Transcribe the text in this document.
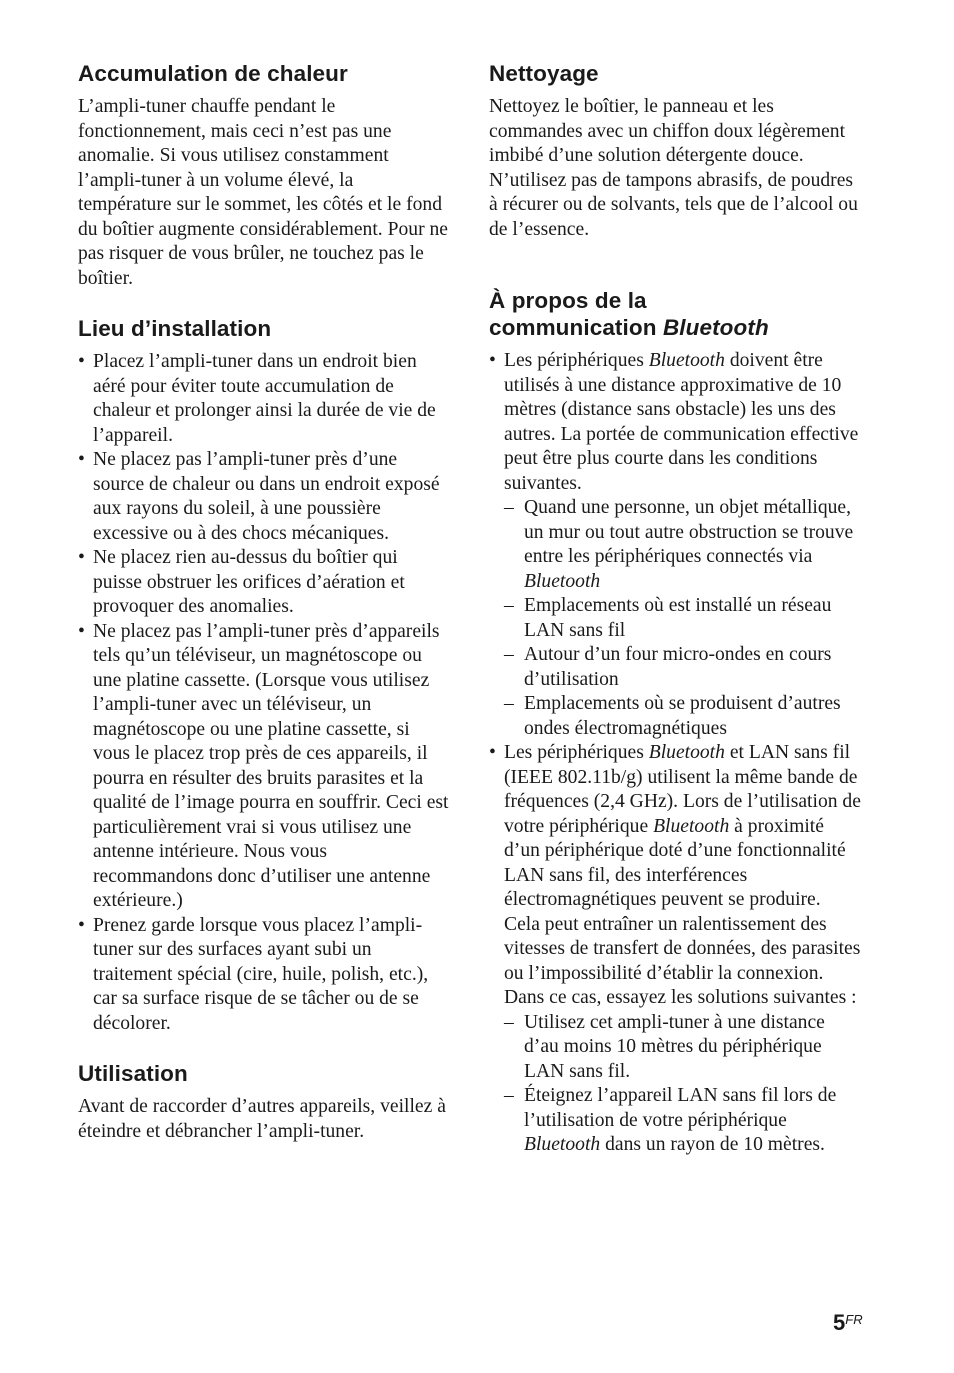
Accumulation de chaleur

L’ampli-tuner chauffe pendant le fonctionnement, mais ceci n’est pas une anomalie. Si vous utilisez constamment l’ampli-tuner à un volume élevé, la température sur le sommet, les côtés et le fond du boîtier augmente considérablement. Pour ne pas risquer de vous brûler, ne touchez pas le boîtier.

Lieu d’installation
• Placez l’ampli-tuner dans un endroit bien aéré pour éviter toute accumulation de chaleur et prolonger ainsi la durée de vie de l’appareil.
• Ne placez pas l’ampli-tuner près d’une source de chaleur ou dans un endroit exposé aux rayons du soleil, à une poussière excessive ou à des chocs mécaniques.
• Ne placez rien au-dessus du boîtier qui puisse obstruer les orifices d’aération et provoquer des anomalies.
• Ne placez pas l’ampli-tuner près d’appareils tels qu’un téléviseur, un magnétoscope ou une platine cassette. (Lorsque vous utilisez l’ampli-tuner avec un téléviseur, un magnétoscope ou une platine cassette, si vous le placez trop près de ces appareils, il pourra en résulter des bruits parasites et la qualité de l’image pourra en souffrir. Ceci est particulièrement vrai si vous utilisez une antenne intérieure. Nous vous recommandons donc d’utiliser une antenne extérieure.)
• Prenez garde lorsque vous placez l’ampli-tuner sur des surfaces ayant subi un traitement spécial (cire, huile, polish, etc.), car sa surface risque de se tâcher ou de se décolorer.
Utilisation

Avant de raccorder d’autres appareils, veillez à éteindre et débrancher l’ampli-tuner.

Nettoyage

Nettoyez le boîtier, le panneau et les commandes avec un chiffon doux légèrement imbibé d’une solution détergente douce. N’utilisez pas de tampons abrasifs, de poudres à récurer ou de solvants, tels que de l’alcool ou de l’essence.

À propos de la
communication Bluetooth
• Les périphériques Bluetooth doivent être utilisés à une distance approximative de 10 mètres (distance sans obstacle) les uns des autres. La portée de communication effective peut être plus courte dans les conditions suivantes.
– Quand une personne, un objet métallique, un mur ou tout autre obstruction se trouve entre les périphériques connectés via Bluetooth
– Emplacements où est installé un réseau LAN sans fil
– Autour d’un four micro-ondes en cours d’utilisation
– Emplacements où se produisent d’autres ondes électromagnétiques
• Les périphériques Bluetooth et LAN sans fil (IEEE 802.11b/g) utilisent la même bande de fréquences (2,4 GHz). Lors de l’utilisation de votre périphérique Bluetooth à proximité d’un périphérique doté d’une fonctionnalité LAN sans fil, des interférences électromagnétiques peuvent se produire. Cela peut entraîner un ralentissement des vitesses de transfert de données, des parasites ou l’impossibilité d’établir la connexion. Dans ce cas, essayez les solutions suivantes :
– Utilisez cet ampli-tuner à une distance d’au moins 10 mètres du périphérique LAN sans fil.
– Éteignez l’appareil LAN sans fil lors de l’utilisation de votre périphérique Bluetooth dans un rayon de 10 mètres.
$5^{FR}$
